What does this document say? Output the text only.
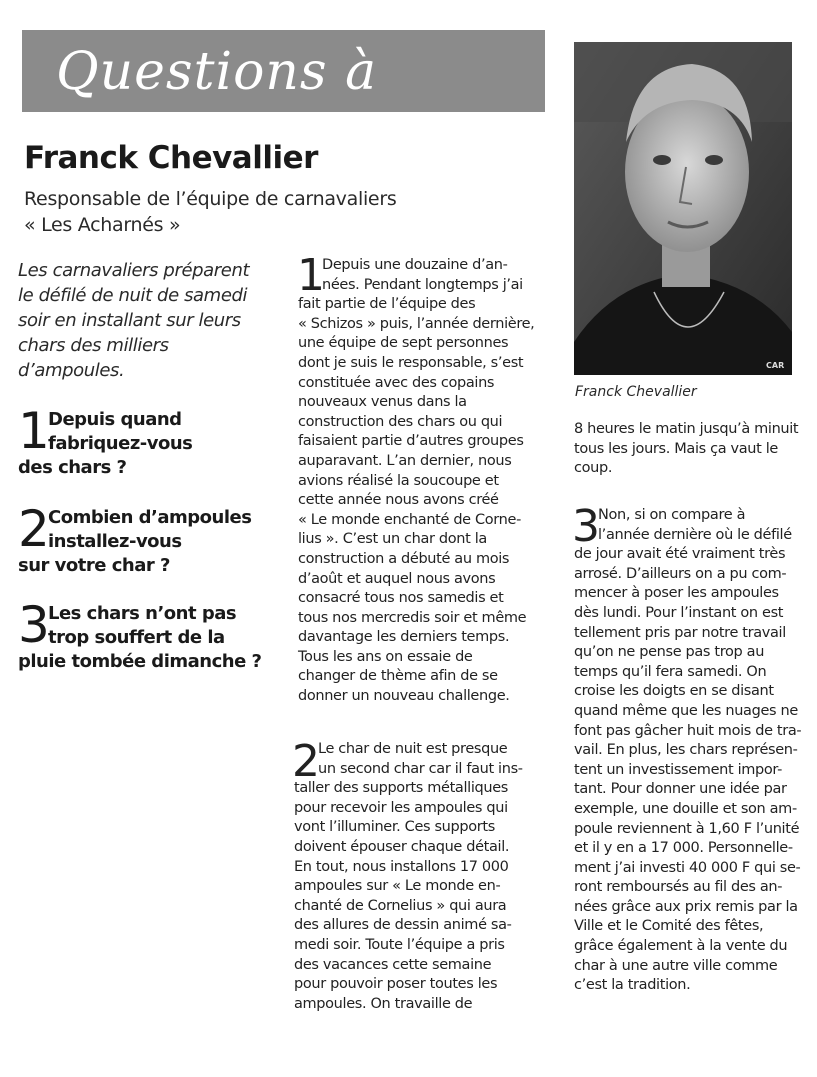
Questions à
Franck Chevallier
Responsable de l’équipe de carnavaliers
« Les Acharnés »
CAR
Franck Chevallier
Les carnavaliers préparent
le défilé de nuit de samedi
soir en installant sur leurs
chars des milliers
d’ampoules.
1
Depuis quand
fabriquez-vous
des chars ?
2
Combien d’ampoules
installez-vous
sur votre char ?
3
Les chars n’ont pas
trop souffert de la
pluie tombée dimanche ?
1
Depuis une douzaine d’an-
nées. Pendant longtemps j’ai
fait partie de l’équipe des
« Schizos » puis, l’année dernière,
une équipe de sept personnes
dont je suis le responsable, s’est
constituée avec des copains
nouveaux venus dans la
construction des chars ou qui
faisaient partie d’autres groupes
auparavant. L’an dernier, nous
avions réalisé la soucoupe et
cette année nous avons créé
« Le monde enchanté de Corne-
lius ». C’est un char dont la
construction a débuté au mois
d’août et auquel nous avons
consacré tous nos samedis et
tous nos mercredis soir et même
davantage les derniers temps.
Tous les ans on essaie de
changer de thème afin de se
donner un nouveau challenge.
2
Le char de nuit est presque
un second char car il faut ins-
taller des supports métalliques
pour recevoir les ampoules qui
vont l’illuminer. Ces supports
doivent épouser chaque détail.
En tout, nous installons 17 000
ampoules sur « Le monde en-
chanté de Cornelius » qui aura
des allures de dessin animé sa-
medi soir. Toute l’équipe a pris
des vacances cette semaine
pour pouvoir poser toutes les
ampoules. On travaille de
8 heures le matin jusqu’à minuit
tous les jours. Mais ça vaut le
coup.
3
Non, si on compare à
l’année dernière où le défilé
de jour avait été vraiment très
arrosé. D’ailleurs on a pu com-
mencer à poser les ampoules
dès lundi. Pour l’instant on est
tellement pris par notre travail
qu’on ne pense pas trop au
temps qu’il fera samedi. On
croise les doigts en se disant
quand même que les nuages ne
font pas gâcher huit mois de tra-
vail. En plus, les chars représen-
tent un investissement impor-
tant. Pour donner une idée par
exemple, une douille et son am-
poule reviennent à 1,60 F l’unité
et il y en a 17 000. Personnelle-
ment j’ai investi 40 000 F qui se-
ront remboursés au fil des an-
nées grâce aux prix remis par la
Ville et le Comité des fêtes,
grâce également à la vente du
char à une autre ville comme
c’est la tradition.
